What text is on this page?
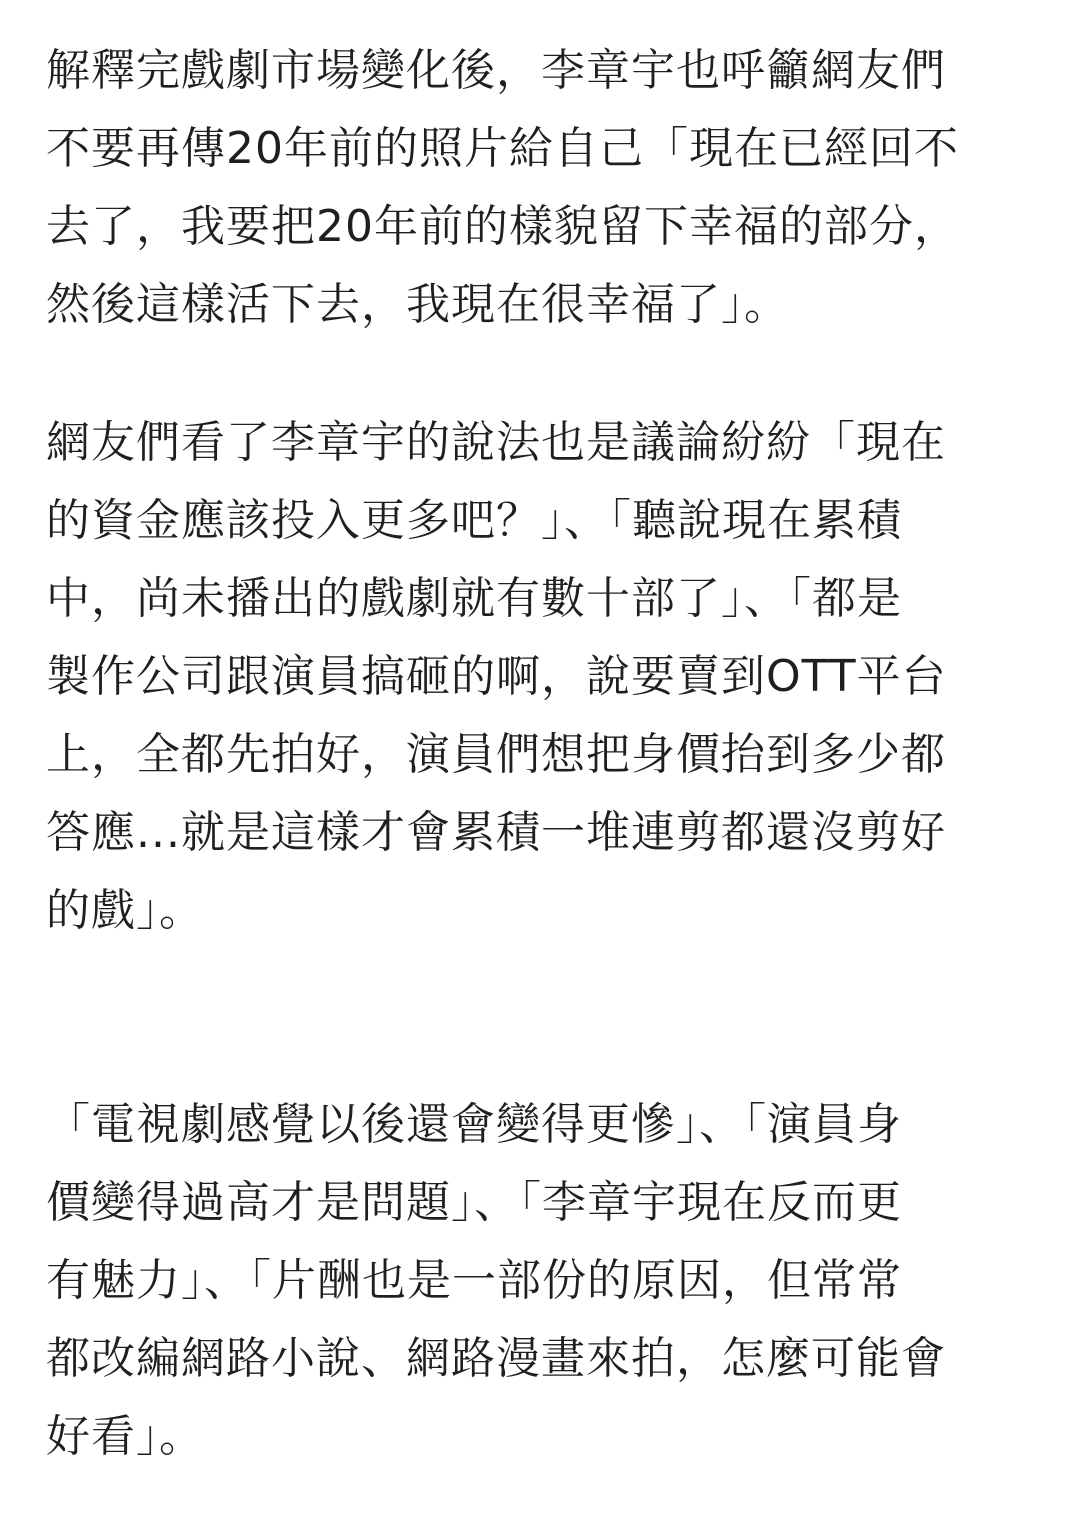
解釋完戲劇市場變化後，李章宇也呼籲網友們
不要再傳20年前的照片給自己「現在已經回不
去了，我要把20年前的樣貌留下幸福的部分，
然後這樣活下去，我現在很幸福了」。

網友們看了李章宇的說法也是議論紛紛「現在
的資金應該投入更多吧？」、「聽說現在累積
中，尚未播出的戲劇就有數十部了」、「都是
製作公司跟演員搞砸的啊，說要賣到OTT平台
上，全都先拍好，演員們想把身價抬到多少都
答應...就是這樣才會累積一堆連剪都還沒剪好
的戲」。

「電視劇感覺以後還會變得更慘」、「演員身
價變得過高才是問題」、「李章宇現在反而更
有魅力」、「片酬也是一部份的原因，但常常
都改編網路小說、網路漫畫來拍，怎麼可能會
好看」。
